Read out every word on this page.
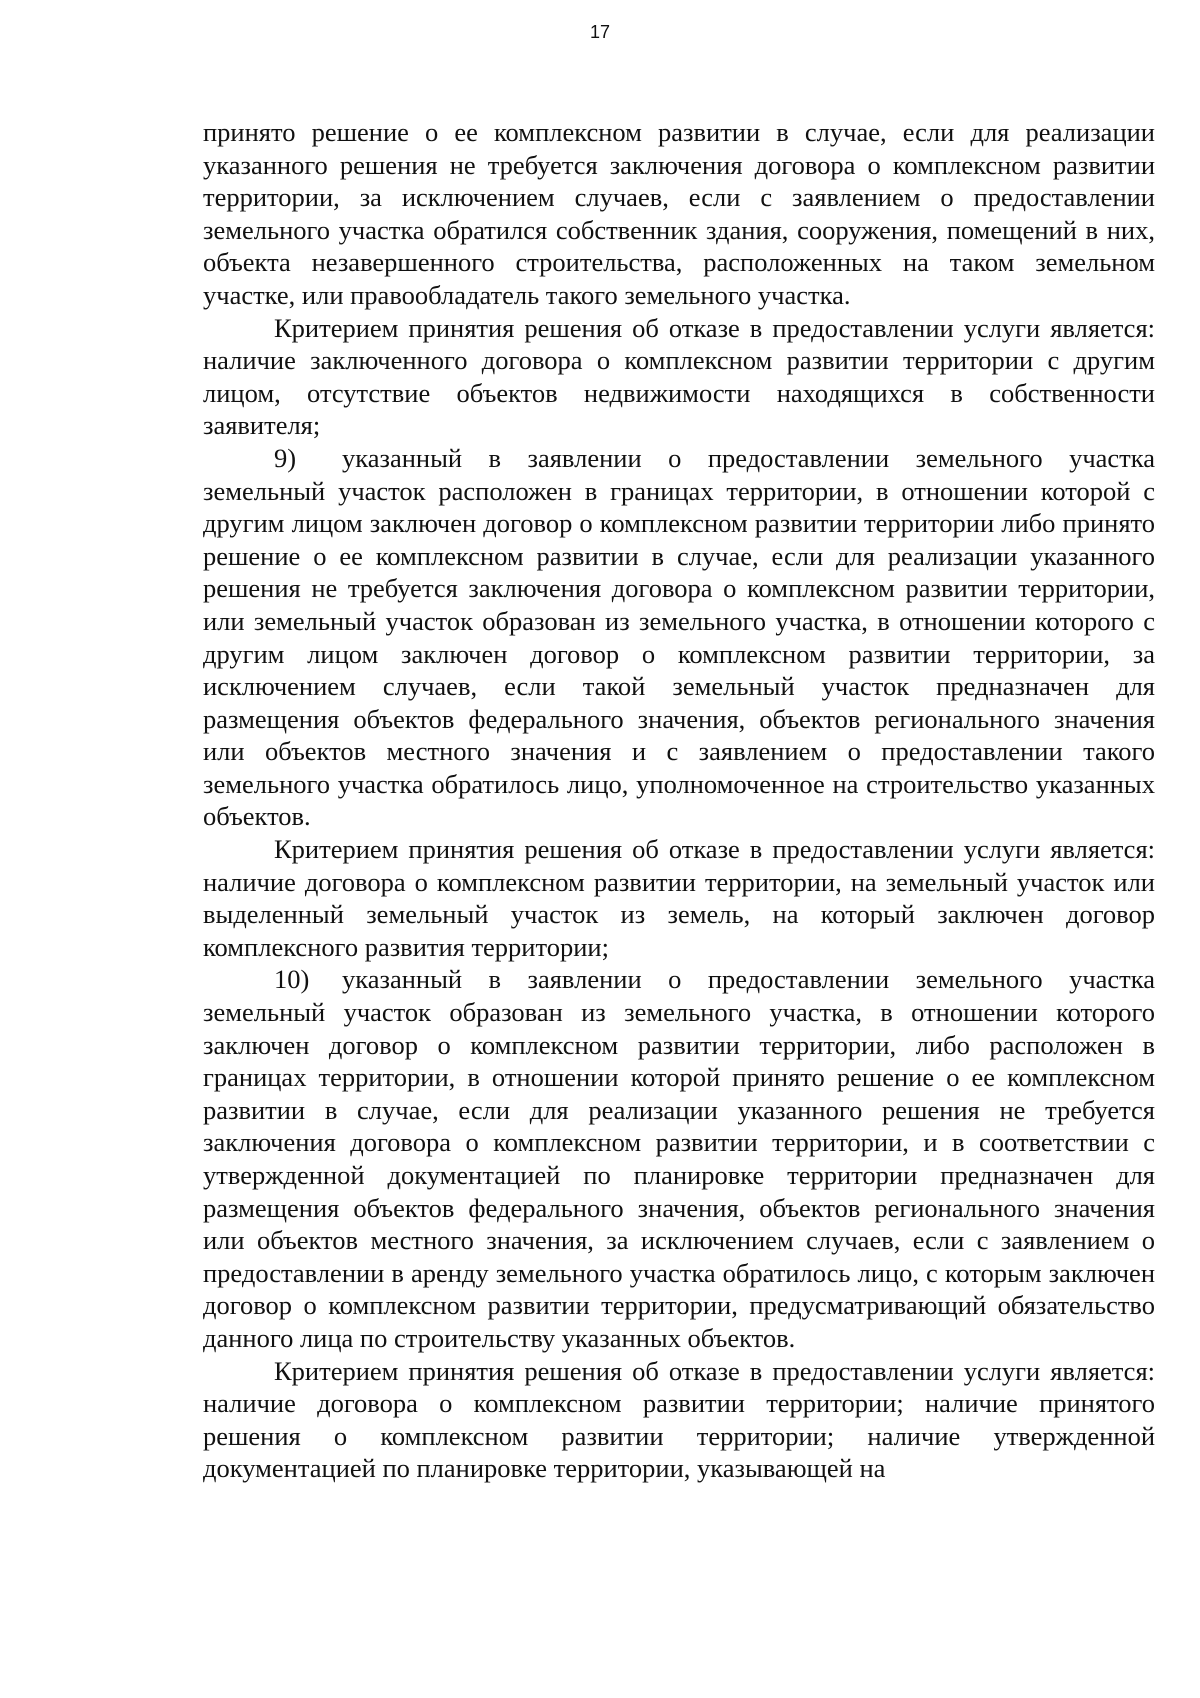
17

принято решение о ее комплексном развитии в случае, если для реализации указанного решения не требуется заключения договора о комплексном развитии территории, за исключением случаев, если с заявлением о предоставлении земельного участка обратился собственник здания, сооружения, помещений в них, объекта незавершенного строительства, расположенных на таком земельном участке, или правообладатель такого земельного участка.

Критерием принятия решения об отказе в предоставлении услуги является: наличие заключенного договора о комплексном развитии территории с другим лицом, отсутствие объектов недвижимости находящихся в собственности заявителя;

9) указанный в заявлении о предоставлении земельного участка земельный участок расположен в границах территории, в отношении которой с другим лицом заключен договор о комплексном развитии территории либо принято решение о ее комплексном развитии в случае, если для реализации указанного решения не требуется заключения договора о комплексном развитии территории, или земельный участок образован из земельного участка, в отношении которого с другим лицом заключен договор о комплексном развитии территории, за исключением случаев, если такой земельный участок предназначен для размещения объектов федерального значения, объектов регионального значения или объектов местного значения и с заявлением о предоставлении такого земельного участка обратилось лицо, уполномоченное на строительство указанных объектов.

Критерием принятия решения об отказе в предоставлении услуги является: наличие договора о комплексном развитии территории, на земельный участок или выделенный земельный участок из земель, на который заключен договор комплексного развития территории;

10) указанный в заявлении о предоставлении земельного участка земельный участок образован из земельного участка, в отношении которого заключен договор о комплексном развитии территории, либо расположен в границах территории, в отношении которой принято решение о ее комплексном развитии в случае, если для реализации указанного решения не требуется заключения договора о комплексном развитии территории, и в соответствии с утвержденной документацией по планировке территории предназначен для размещения объектов федерального значения, объектов регионального значения или объектов местного значения, за исключением случаев, если с заявлением о предоставлении в аренду земельного участка обратилось лицо, с которым заключен договор о комплексном развитии территории, предусматривающий обязательство данного лица по строительству указанных объектов.

Критерием принятия решения об отказе в предоставлении услуги является: наличие договора о комплексном развитии территории; наличие принятого решения о комплексном развитии территории; наличие утвержденной документацией по планировке территории, указывающей на
